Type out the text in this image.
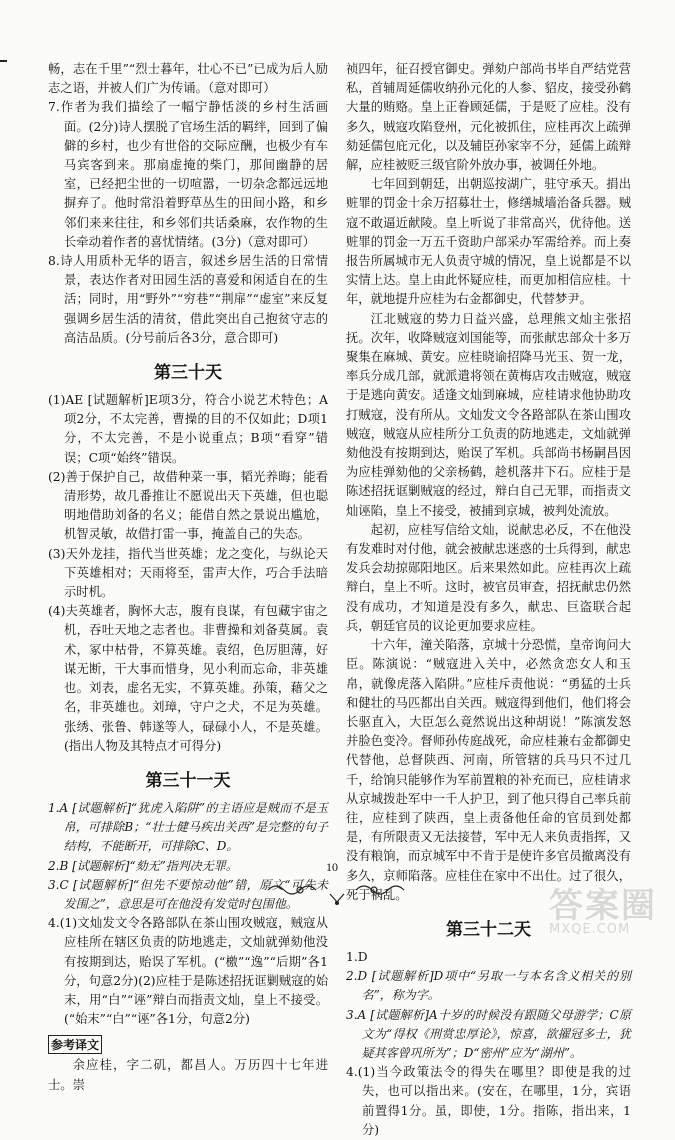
畅，志在千里”“烈士暮年，壮心不已”已成为后人励志之语，并被人们广为传诵。（意对即可）

7.作者为我们描绘了一幅宁静恬淡的乡村生活画面。(2分)诗人摆脱了官场生活的羁绊，回到了偏僻的乡村，也少有世俗的交际应酬，也极少有车马宾客到来。那扇虚掩的柴门，那间幽静的居室，已经把尘世的一切喧嚣，一切杂念都远远地摒弃了。他时常沿着野草丛生的田间小路，和乡邻们来来往往，和乡邻们共话桑麻，农作物的生长牵动着作者的喜忧情绪。(3分)（意对即可）

8.诗人用质朴无华的语言，叙述乡居生活的日常情景，表达作者对田园生活的喜爱和闲适自在的生活；同时，用“野外”“穷巷”“荆扉”“虚室”来反复强调乡居生活的清贫，借此突出自己抱贫守志的高洁品质。(分号前后各3分，意合即可)

第三十天

(1)AE [试题解析]E项3分，符合小说艺术特色；A项2分，不太完善，曹操的目的不仅如此；D项1分，不太完善，不是小说重点；B项“看穿”错误；C项“始终”错误。

(2)善于保护自己，故借种菜一事，韬光养晦；能看清形势，故几番推让不愿说出天下英雄，但也聪明地借助刘备的名义；能借自然之景说出尴尬，机智灵敏，故借打雷一事，掩盖自己的失态。

(3)天外龙挂，指代当世英雄；龙之变化，与纵论天下英雄相对；天雨将至，雷声大作，巧合手法暗示时机。

(4)夫英雄者，胸怀大志，腹有良谋，有包藏宇宙之机，吞吐天地之志者也。非曹操和刘备莫属。袁术，冢中枯骨，不算英雄。袁绍，色厉胆薄，好谋无断，干大事而惜身，见小利而忘命，非英雄也。刘表，虚名无实，不算英雄。孙策，藉父之名，非英雄也。刘璋，守户之犬，不足为英雄。张绣、张鲁、韩遂等人，碌碌小人，不是英雄。(指出人物及其特点才可得分)

第三十一天

1.A [试题解析]“犹虎入陷阱”的主语应是贼而不是玉帛，可排除B；“壮士健马疾出关西”是完整的句子结构，不能断开，可排除C、D。

2.B [试题解析]“劾无”指判决无罪。

3.C [试题解析]“但先不要惊动他”错，原文“可先未发围之”，意思是可在他没有发觉时包围他。

4.(1)文灿发文令各路部队在茶山围攻贼寇，贼寇从应桂所在辖区负责的防地逃走，文灿就弹劾他没有按期到达，贻误了军机。(“檄”“逸”“后期”各1分，句意2分)(2)应桂于是陈述招抚诓剿贼寇的始末，用“白”“诬”辩白而指责文灿，皇上不接受。(“始末”“白”“诬”各1分，句意2分)

参考译文

余应桂，字二矶，都昌人。万历四十七年进士。崇

祯四年，征召授官御史。弹劾户部尚书毕自严结党营私，首辅周延儒收纳孙元化的人参、貂皮，接受孙鹤大量的贿赂。皇上正眷顾延儒，于是贬了应桂。没有多久，贼寇攻陷登州，元化被抓住，应桂再次上疏弹劾延儒包庇元化，以及辅臣孙家宰不分，延儒上疏辩解，应桂被贬三级官阶外放办事，被调任外地。

七年回到朝廷，出朝巡按湖广，驻守承天。捐出赃罪的罚金十余万招募壮士，修缮城墙治备兵器。贼寇不敢逼近献陵。皇上听说了非常高兴，优待他。送赃罪的罚金一万五千资助户部采办军需给养。而上奏报告所属城市无人负责守城的情况，皇上说都是不以实情上达。皇上由此怀疑应桂，而更加相信应桂。十年，就地提升应桂为右金都御史，代替梦尹。

江北贼寇的势力日益兴盛，总理熊文灿主张招抚。次年，收降贼寇刘国能等，而张献忠部众十多万聚集在麻城、黄安。应桂晓谕招降马光玉、贺一龙，率兵分成几部，就派遣将领在黄梅店攻击贼寇，贼寇于是逃向黄安。适逢文灿到麻城，应桂请求他协助攻打贼寇，没有所从。文灿发文令各路部队在茶山围攻贼寇，贼寇从应桂所分工负责的防地逃走，文灿就弹劾他没有按期到达，贻误了军机。兵部尚书杨嗣昌因为应桂弹劾他的父亲杨鹤，趁机落井下石。应桂于是陈述招抚诓剿贼寇的经过，辩白自己无罪，而指责文灿诬陷，皇上不接受，被捕到京城，被判处流放。

起初，应桂写信给文灿，说献忠必反，不在他没有发难时对付他，就会被献忠迷惑的士兵得到，献忠发兵会劫掠郧阳地区。后来果然如此。应桂再次上疏辩白，皇上不听。这时，被官员审查，招抚献忠仍然没有成功，才知道是没有多久，献忠、巨盗联合起兵，朝廷官员的议论更加要求应桂。

十六年，潼关陷落，京城十分恐慌，皇帝询问大臣。陈演说：“贼寇进入关中，必然贪恋女人和玉帛，就像虎落入陷阱。”应桂斥责他说：“勇猛的士兵和健壮的马匹都出自关西。贼寇得到他们，他们将会长驱直入，大臣怎么竟然说出这种胡说！”陈演发怒并脸色变冷。督师孙传庭战死，命应桂兼右金都御史代替他，总督陕西、河南，所管辖的兵马只不过几千，给饷只能够作为军前置粮的补充而已，应桂请求从京城拨赴军中一千人护卫，到了他只得自己率兵前往，应桂到了陕西，皇上责备他任命的官员到处都是，有所限责又无法接替，军中无人来负责指挥，又没有粮饷，而京城军中不肯于是使许多官员撤离没有多久，京师陷落。应桂住在家中不出仕。过了很久，死于祸乱。

第三十二天

1.D

2.D [试题解析]D项中“另取一与本名含义相关的别名”，称为字。

3.A [试题解析]A十岁的时候没有跟随父母游学；C原文为“得权《刑赏忠厚论》，惊喜，欲擢冠多士，犹疑其客曾巩所为”；D“密州”应为“湖州”。

4.(1)当今政策法令的得失在哪里？即使是我的过失，也可以指出来。(安在，在哪里，1分，宾语前置得1分。虽，即使，1分。指陈，指出来，1分)

10
答案圈
MXQE.COM
